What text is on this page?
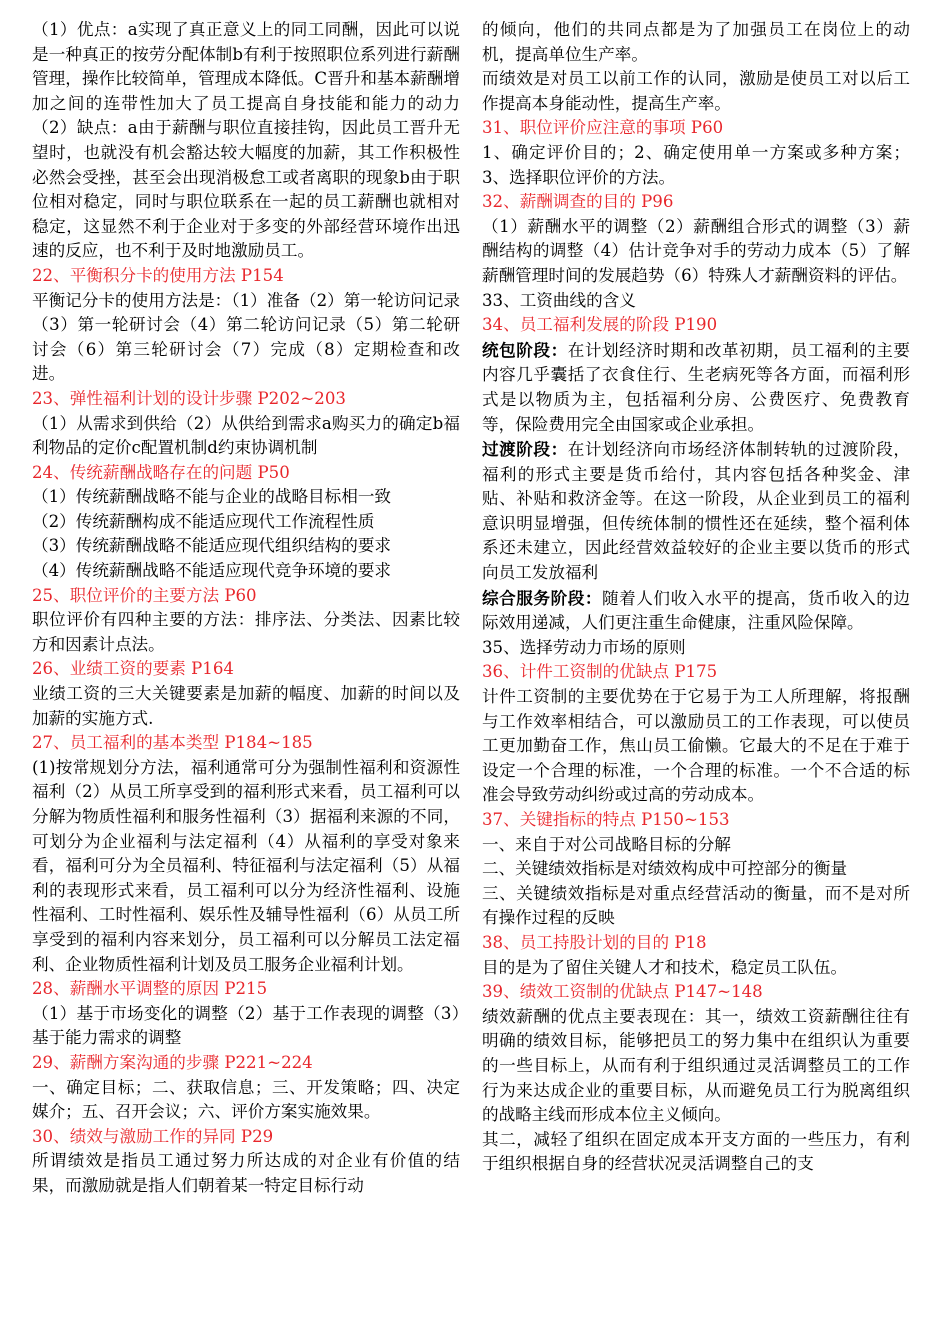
（1）优点：a实现了真正意义上的同工同酬，因此可以说是一种真正的按劳分配体制b有利于按照职位系列进行薪酬管理，操作比较简单，管理成本降低。C晋升和基本薪酬增加之间的连带性加大了员工提高自身技能和能力的动力（2）缺点：a由于薪酬与职位直接挂钩，因此员工晋升无望时，也就没有机会豁达较大幅度的加薪，其工作积极性必然会受挫，甚至会出现消极怠工或者离职的现象b由于职位相对稳定，同时与职位联系在一起的员工薪酬也就相对稳定，这显然不利于企业对于多变的外部经营环境作出迅速的反应，也不利于及时地激励员工。

22、平衡积分卡的使用方法 P154

平衡记分卡的使用方法是：（1）准备（2）第一轮访问记录（3）第一轮研讨会（4）第二轮访问记录（5）第二轮研讨会（6）第三轮研讨会（7）完成（8）定期检查和改进。

23、弹性福利计划的设计步骤 P202~203

（1）从需求到供给（2）从供给到需求a购买力的确定b福利物品的定价c配置机制d约束协调机制

24、传统薪酬战略存在的问题 P50

（1）传统薪酬战略不能与企业的战略目标相一致

（2）传统薪酬构成不能适应现代工作流程性质

（3）传统薪酬战略不能适应现代组织结构的要求

（4）传统薪酬战略不能适应现代竞争环境的要求

25、职位评价的主要方法 P60

职位评价有四种主要的方法：排序法、分类法、因素比较方和因素计点法。

26、业绩工资的要素 P164

业绩工资的三大关键要素是加薪的幅度、加薪的时间以及加薪的实施方式.

27、员工福利的基本类型 P184~185

(1)按常规划分方法，福利通常可分为强制性福利和资源性福利（2）从员工所享受到的福利形式来看，员工福利可以分解为物质性福利和服务性福利（3）据福利来源的不同，可划分为企业福利与法定福利（4）从福利的享受对象来看，福利可分为全员福利、特征福利与法定福利（5）从福利的表现形式来看，员工福利可以分为经济性福利、设施性福利、工时性福利、娱乐性及辅导性福利（6）从员工所享受到的福利内容来划分，员工福利可以分解员工法定福利、企业物质性福利计划及员工服务企业福利计划。

28、薪酬水平调整的原因 P215

（1）基于市场变化的调整（2）基于工作表现的调整（3）基于能力需求的调整

29、薪酬方案沟通的步骤 P221~224

一、确定目标；二、获取信息；三、开发策略；四、决定媒介；五、召开会议；六、评价方案实施效果。

30、绩效与激励工作的异同 P29

所谓绩效是指员工通过努力所达成的对企业有价值的结果，而激励就是指人们朝着某一特定目标行动

的倾向，他们的共同点都是为了加强员工在岗位上的动机，提高单位生产率。

而绩效是对员工以前工作的认同，激励是使员工对以后工作提高本身能动性，提高生产率。

31、职位评价应注意的事项 P60

1、确定评价目的；2、确定使用单一方案或多种方案；3、选择职位评价的方法。

32、薪酬调查的目的 P96

（1）薪酬水平的调整（2）薪酬组合形式的调整（3）薪酬结构的调整（4）估计竞争对手的劳动力成本（5）了解薪酬管理时间的发展趋势（6）特殊人才薪酬资料的评估。

33、工资曲线的含义

34、员工福利发展的阶段 P190

统包阶段：在计划经济时期和改革初期，员工福利的主要内容几乎囊括了衣食住行、生老病死等各方面，而福利形式是以物质为主，包括福利分房、公费医疗、免费教育等，保险费用完全由国家或企业承担。

过渡阶段：在计划经济向市场经济体制转轨的过渡阶段，福利的形式主要是货币给付，其内容包括各种奖金、津贴、补贴和救济金等。在这一阶段，从企业到员工的福利意识明显增强，但传统体制的惯性还在延续，整个福利体系还未建立，因此经营效益较好的企业主要以货币的形式向员工发放福利

综合服务阶段：随着人们收入水平的提高，货币收入的边际效用递减，人们更注重生命健康，注重风险保障。

35、选择劳动力市场的原则

36、计件工资制的优缺点 P175

计件工资制的主要优势在于它易于为工人所理解，将报酬与工作效率相结合，可以激励员工的工作表现，可以使员工更加勤奋工作，焦山员工偷懒。它最大的不足在于难于设定一个合理的标准，一个合理的标准。一个不合适的标准会导致劳动纠纷或过高的劳动成本。

37、关键指标的特点 P150~153

一、来自于对公司战略目标的分解

二、关键绩效指标是对绩效构成中可控部分的衡量

三、关键绩效指标是对重点经营活动的衡量，而不是对所有操作过程的反映

38、员工持股计划的目的 P18

目的是为了留住关键人才和技术，稳定员工队伍。

39、绩效工资制的优缺点 P147~148

绩效薪酬的优点主要表现在：其一，绩效工资薪酬往往有明确的绩效目标，能够把员工的努力集中在组织认为重要的一些目标上，从而有利于组织通过灵活调整员工的工作行为来达成企业的重要目标，从而避免员工行为脱离组织的战略主线而形成本位主义倾向。

其二，减轻了组织在固定成本开支方面的一些压力，有利于组织根据自身的经营状况灵活调整自己的支
